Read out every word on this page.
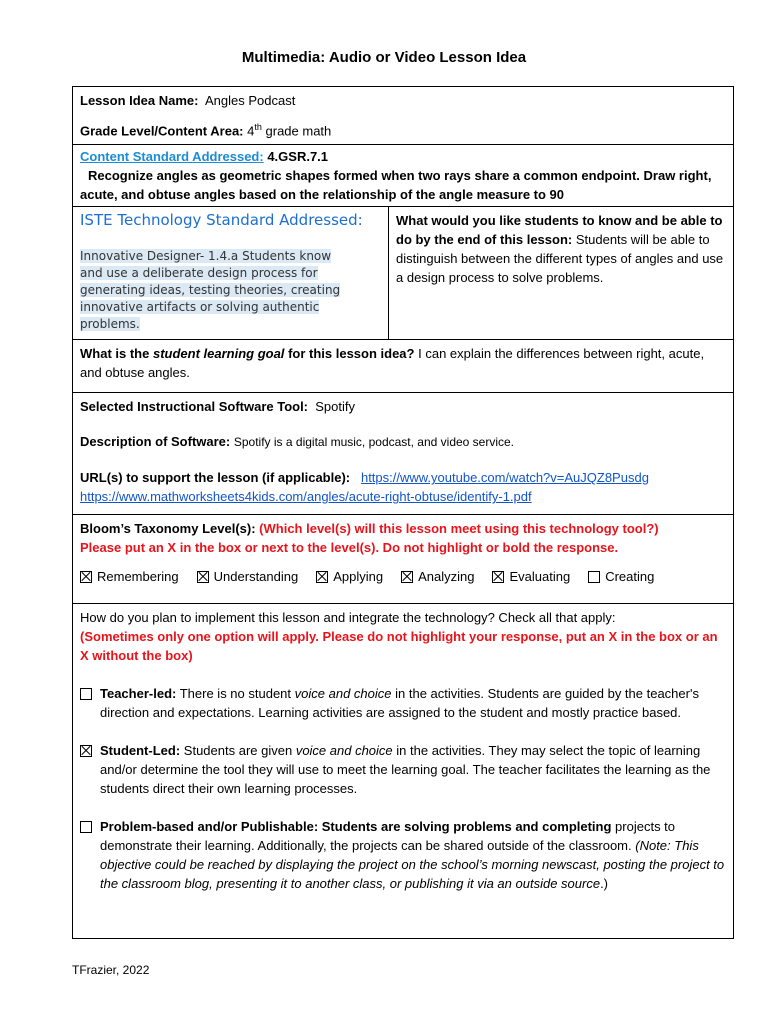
Multimedia: Audio or Video Lesson Idea

Lesson Idea Name: Angles Podcast

Grade Level/Content Area: 4th grade math

Content Standard Addressed: 4.GSR.7.1

Recognize angles as geometric shapes formed when two rays share a common endpoint. Draw right, acute, and obtuse angles based on the relationship of the angle measure to 90

ISTE Technology Standard Addressed:
Innovative Designer- 1.4.a Students know and use a deliberate design process for generating ideas, testing theories, creating innovative artifacts or solving authentic problems.
	What would you like students to know and be able to do by the end of this lesson: Students will be able to distinguish between the different types of angles and use a design process to solve problems.
What is the student learning goal for this lesson idea? I can explain the differences between right, acute, and obtuse angles.

Selected Instructional Software Tool: Spotify

Description of Software: Spotify is a digital music, podcast, and video service.

URL(s) to support the lesson (if applicable): https://www.youtube.com/watch?v=AuJQZ8Pusdg

https://www.mathworksheets4kids.com/angles/acute-right-obtuse/identify-1.pdf

Bloom’s Taxonomy Level(s): (Which level(s) will this lesson meet using this technology tool?)

Please put an X in the box or next to the level(s). Do not highlight or bold the response.

Remembering	Understanding	Applying	Analyzing	Evaluating	Creating

How do you plan to implement this lesson and integrate the technology? Check all that apply:

(Sometimes only one option will apply. Please do not highlight your response, put an X in the box or an X without the box)

Teacher-led: There is no student voice and choice in the activities. Students are guided by the teacher's direction and expectations. Learning activities are assigned to the student and mostly practice based.
Student-Led: Students are given voice and choice in the activities. They may select the topic of learning and/or determine the tool they will use to meet the learning goal. The teacher facilitates the learning as the students direct their own learning processes.
Problem-based and/or Publishable: Students are solving problems and completing projects to demonstrate their learning. Additionally, the projects can be shared outside of the classroom. (Note: This objective could be reached by displaying the project on the school’s morning newscast, posting the project to the classroom blog, presenting it to another class, or publishing it via an outside source.)
TFrazier, 2022
